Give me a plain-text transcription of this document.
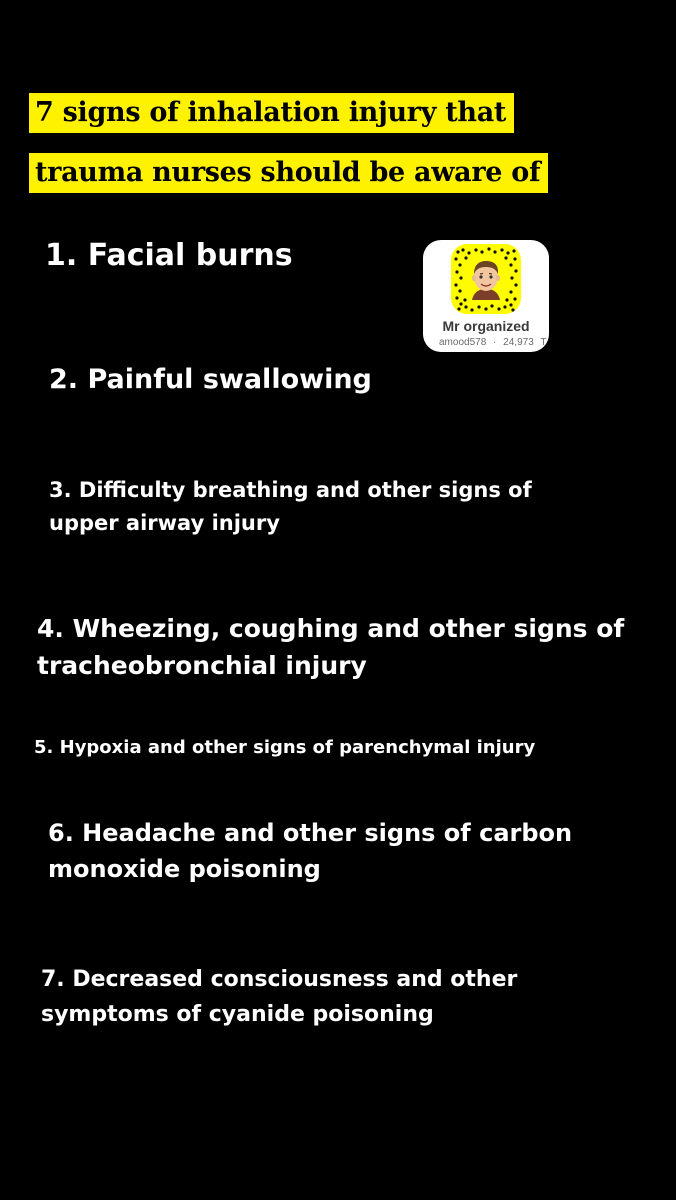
7 signs of inhalation injury that
trauma nurses should be aware of
1. Facial burns
2. Painful swallowing
3. Difficulty breathing and other signs of
upper airway injury
4. Wheezing, coughing and other signs of
tracheobronchial injury
5. Hypoxia and other signs of parenchymal injury
6. Headache and other signs of carbon
monoxide poisoning
7. Decreased consciousness and other
symptoms of cyanide poisoning
Mr organized
amood578 · 24,973 T
